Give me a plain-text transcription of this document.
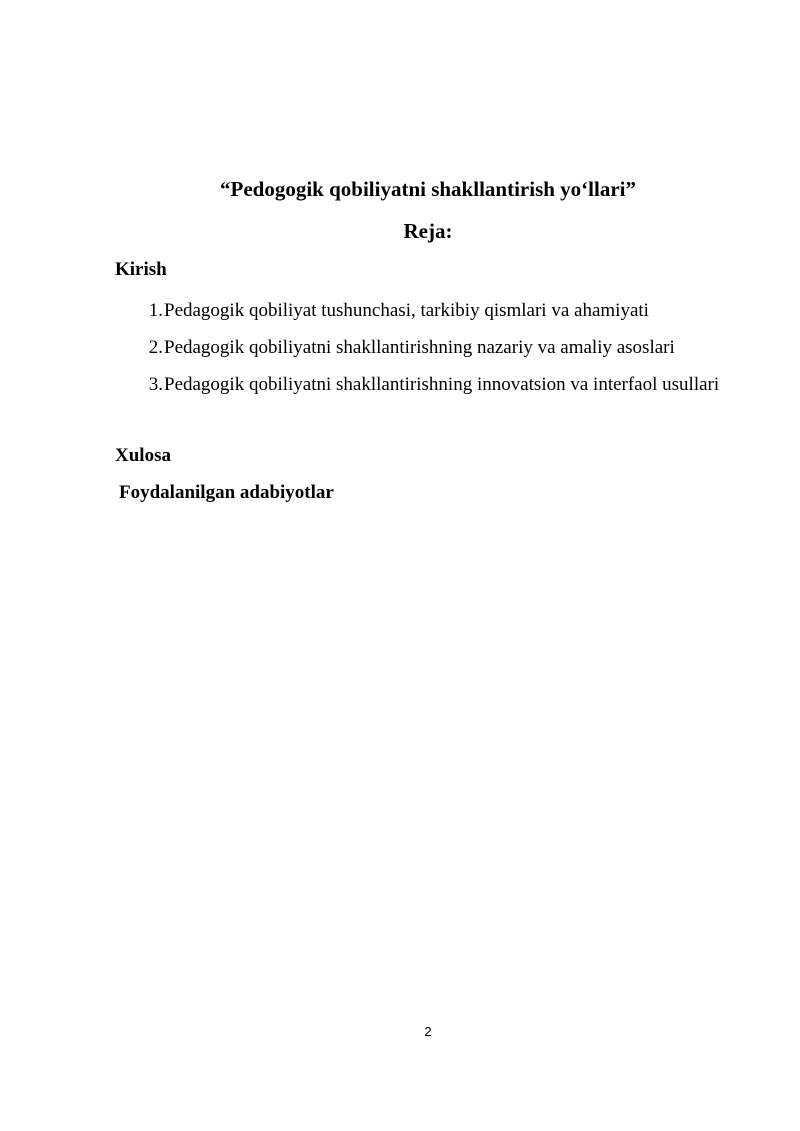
“Pedogogik qobiliyatni shakllantirish yo‘llari”
Reja:
Kirish
1. Pedagogik qobiliyat tushunchasi, tarkibiy qismlari va ahamiyati
2. Pedagogik qobiliyatni shakllantirishning nazariy va amaliy asoslari
3. Pedagogik qobiliyatni shakllantirishning innovatsion va interfaol usullari
Xulosa
Foydalanilgan adabiyotlar
2
